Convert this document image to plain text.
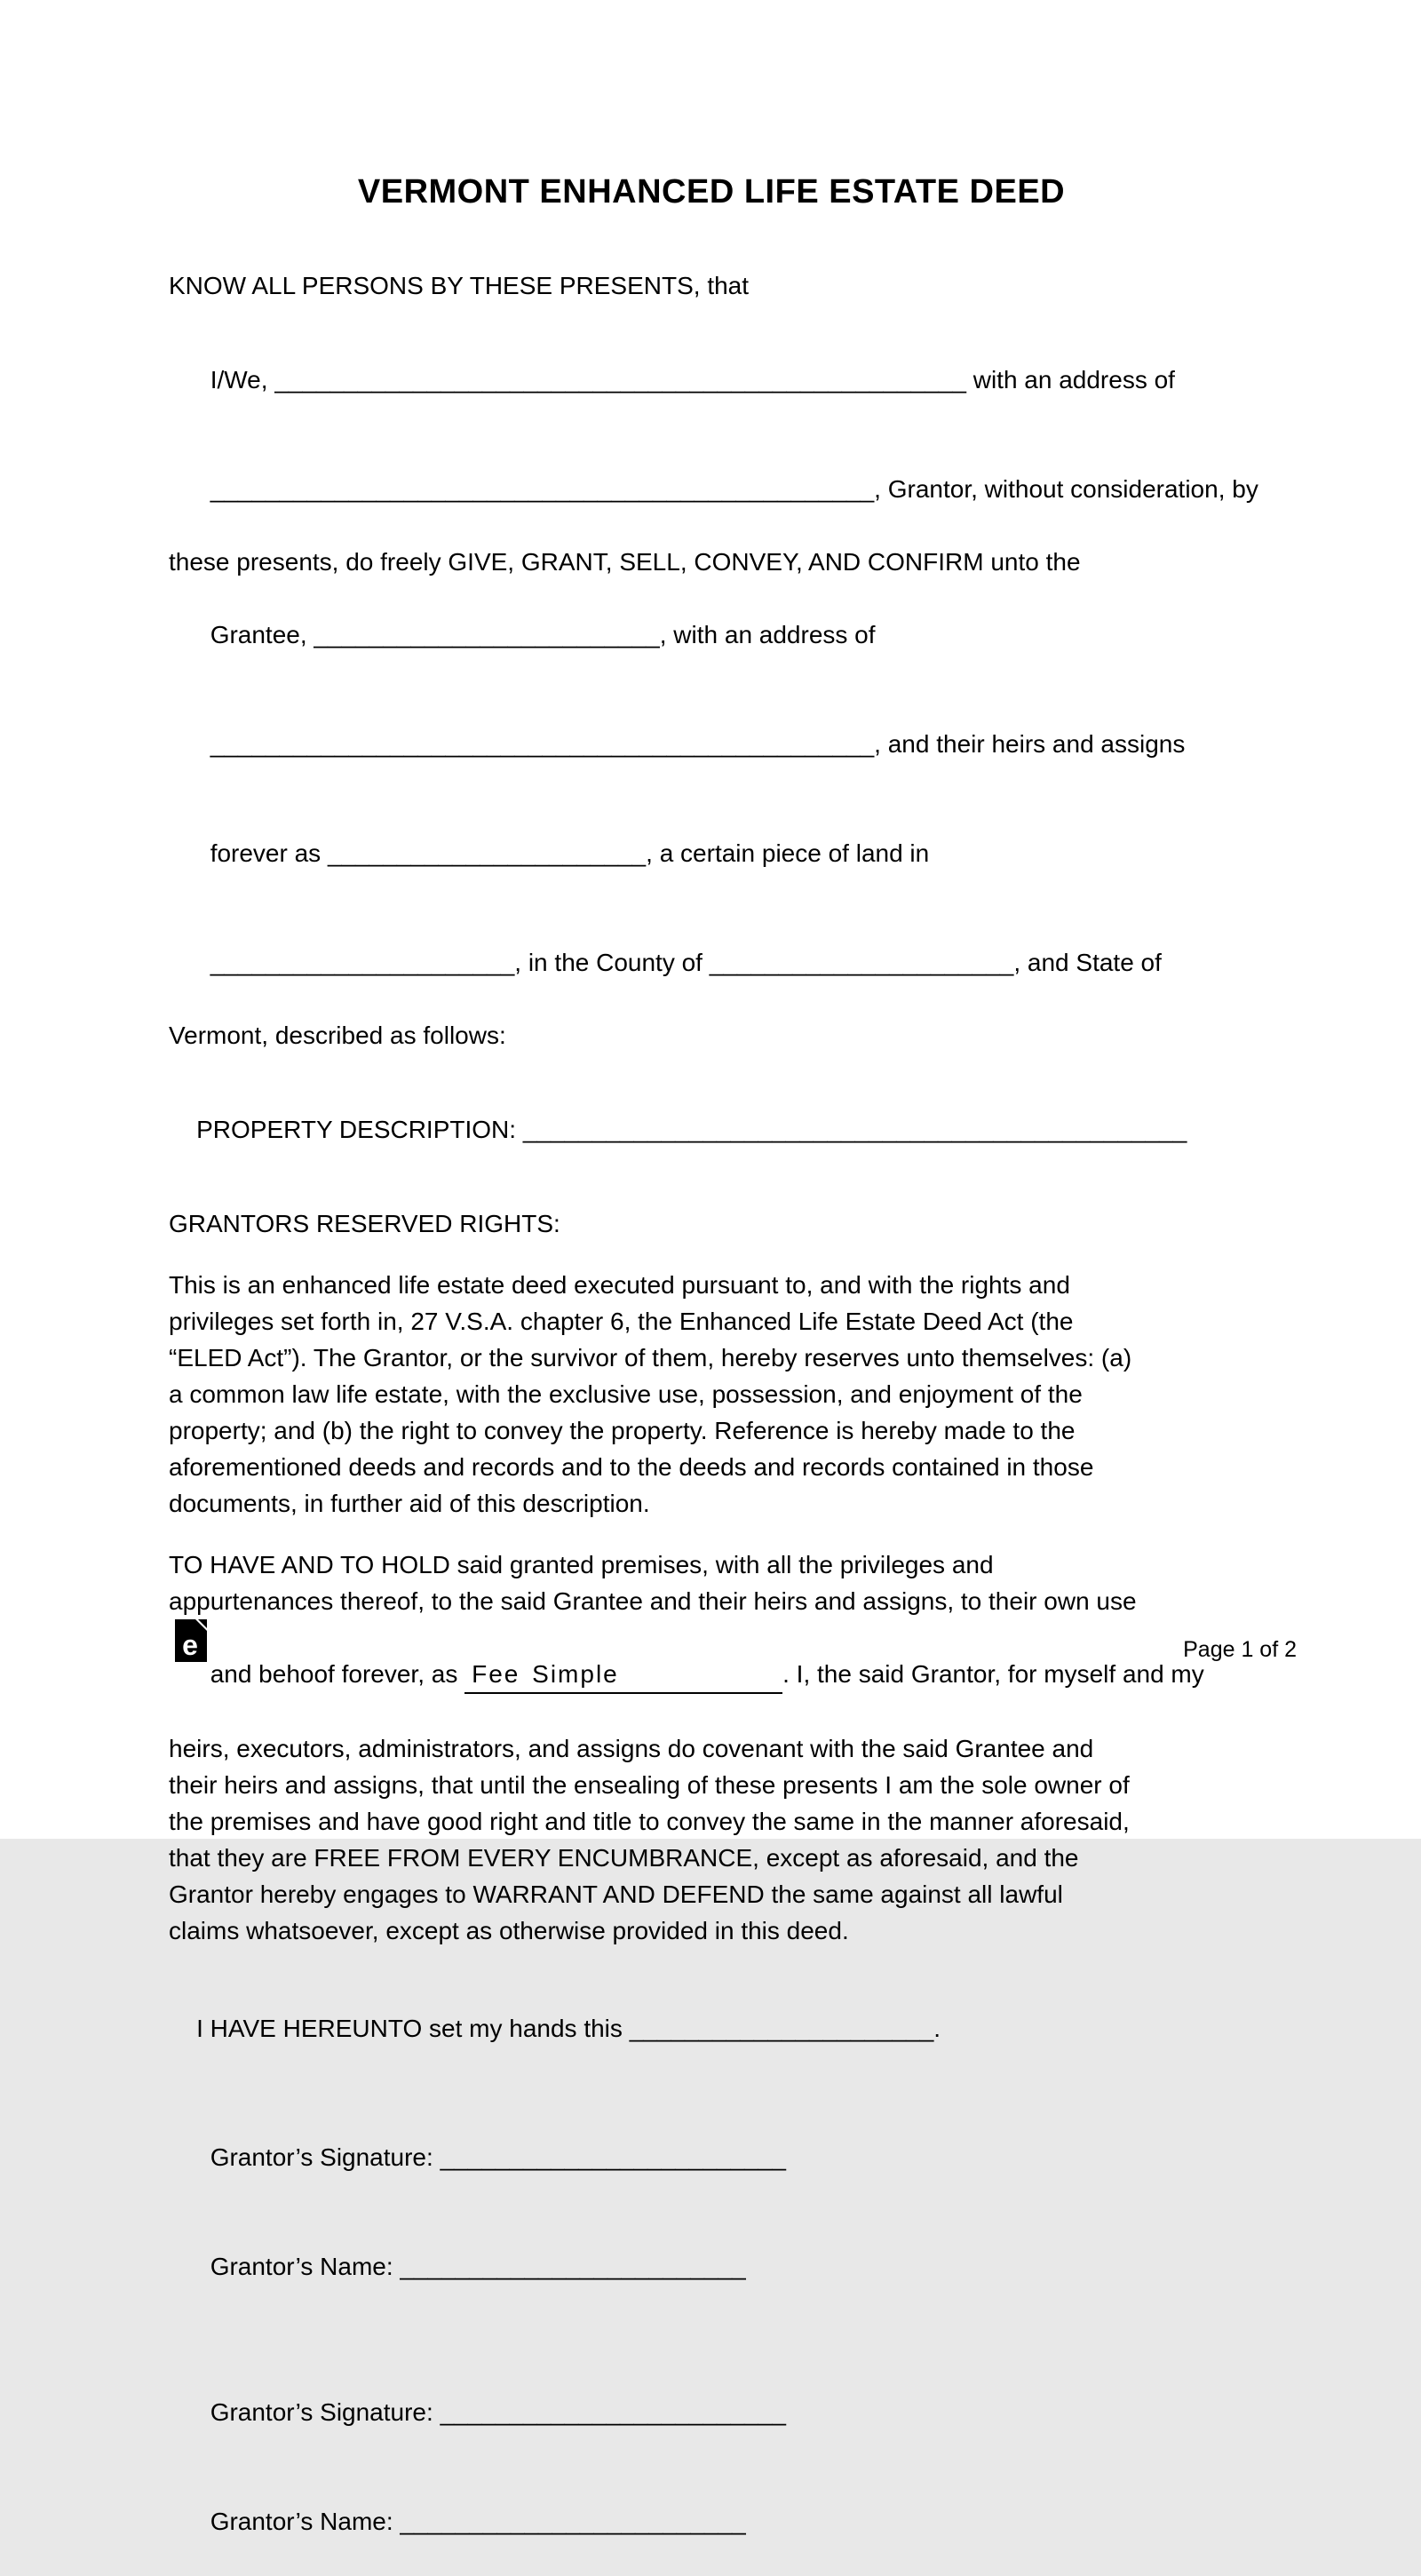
VERMONT ENHANCED LIFE ESTATE DEED
KNOW ALL PERSONS BY THESE PRESENTS, that

I/We, __________________________________________________ with an address of

________________________________________________, Grantor, without consideration, by

these presents, do freely GIVE, GRANT, SELL, CONVEY, AND CONFIRM unto the

Grantee, _________________________, with an address of

________________________________________________, and their heirs and assigns

forever as _______________________, a certain piece of land in

______________________, in the County of ______________________, and State of

Vermont, described as follows:

PROPERTY DESCRIPTION: ________________________________________________

GRANTORS RESERVED RIGHTS:
This is an enhanced life estate deed executed pursuant to, and with the rights and
privileges set forth in, 27 V.S.A. chapter 6, the Enhanced Life Estate Deed Act (the
“ELED Act”). The Grantor, or the survivor of them, hereby reserves unto themselves: (a)
a common law life estate, with the exclusive use, possession, and enjoyment of the
property; and (b) the right to convey the property. Reference is hereby made to the
aforementioned deeds and records and to the deeds and records contained in those
documents, in further aid of this description.
TO HAVE AND TO HOLD said granted premises, with all the privileges and
appurtenances thereof, to the said Grantee and their heirs and assigns, to their own use

and behoof forever, as Fee Simple	. I, the said Grantor, for myself and my

heirs, executors, administrators, and assigns do covenant with the said Grantee and
their heirs and assigns, that until the ensealing of these presents I am the sole owner of
the premises and have good right and title to convey the same in the manner aforesaid,
that they are FREE FROM EVERY ENCUMBRANCE, except as aforesaid, and the
Grantor hereby engages to WARRANT AND DEFEND the same against all lawful
claims whatsoever, except as otherwise provided in this deed.

I HAVE HEREUNTO set my hands this ______________________.

Grantor’s Signature: _________________________

Grantor’s Name: _________________________

Grantor’s Signature: _________________________

Grantor’s Name: _________________________

e	Page 1 of 2
